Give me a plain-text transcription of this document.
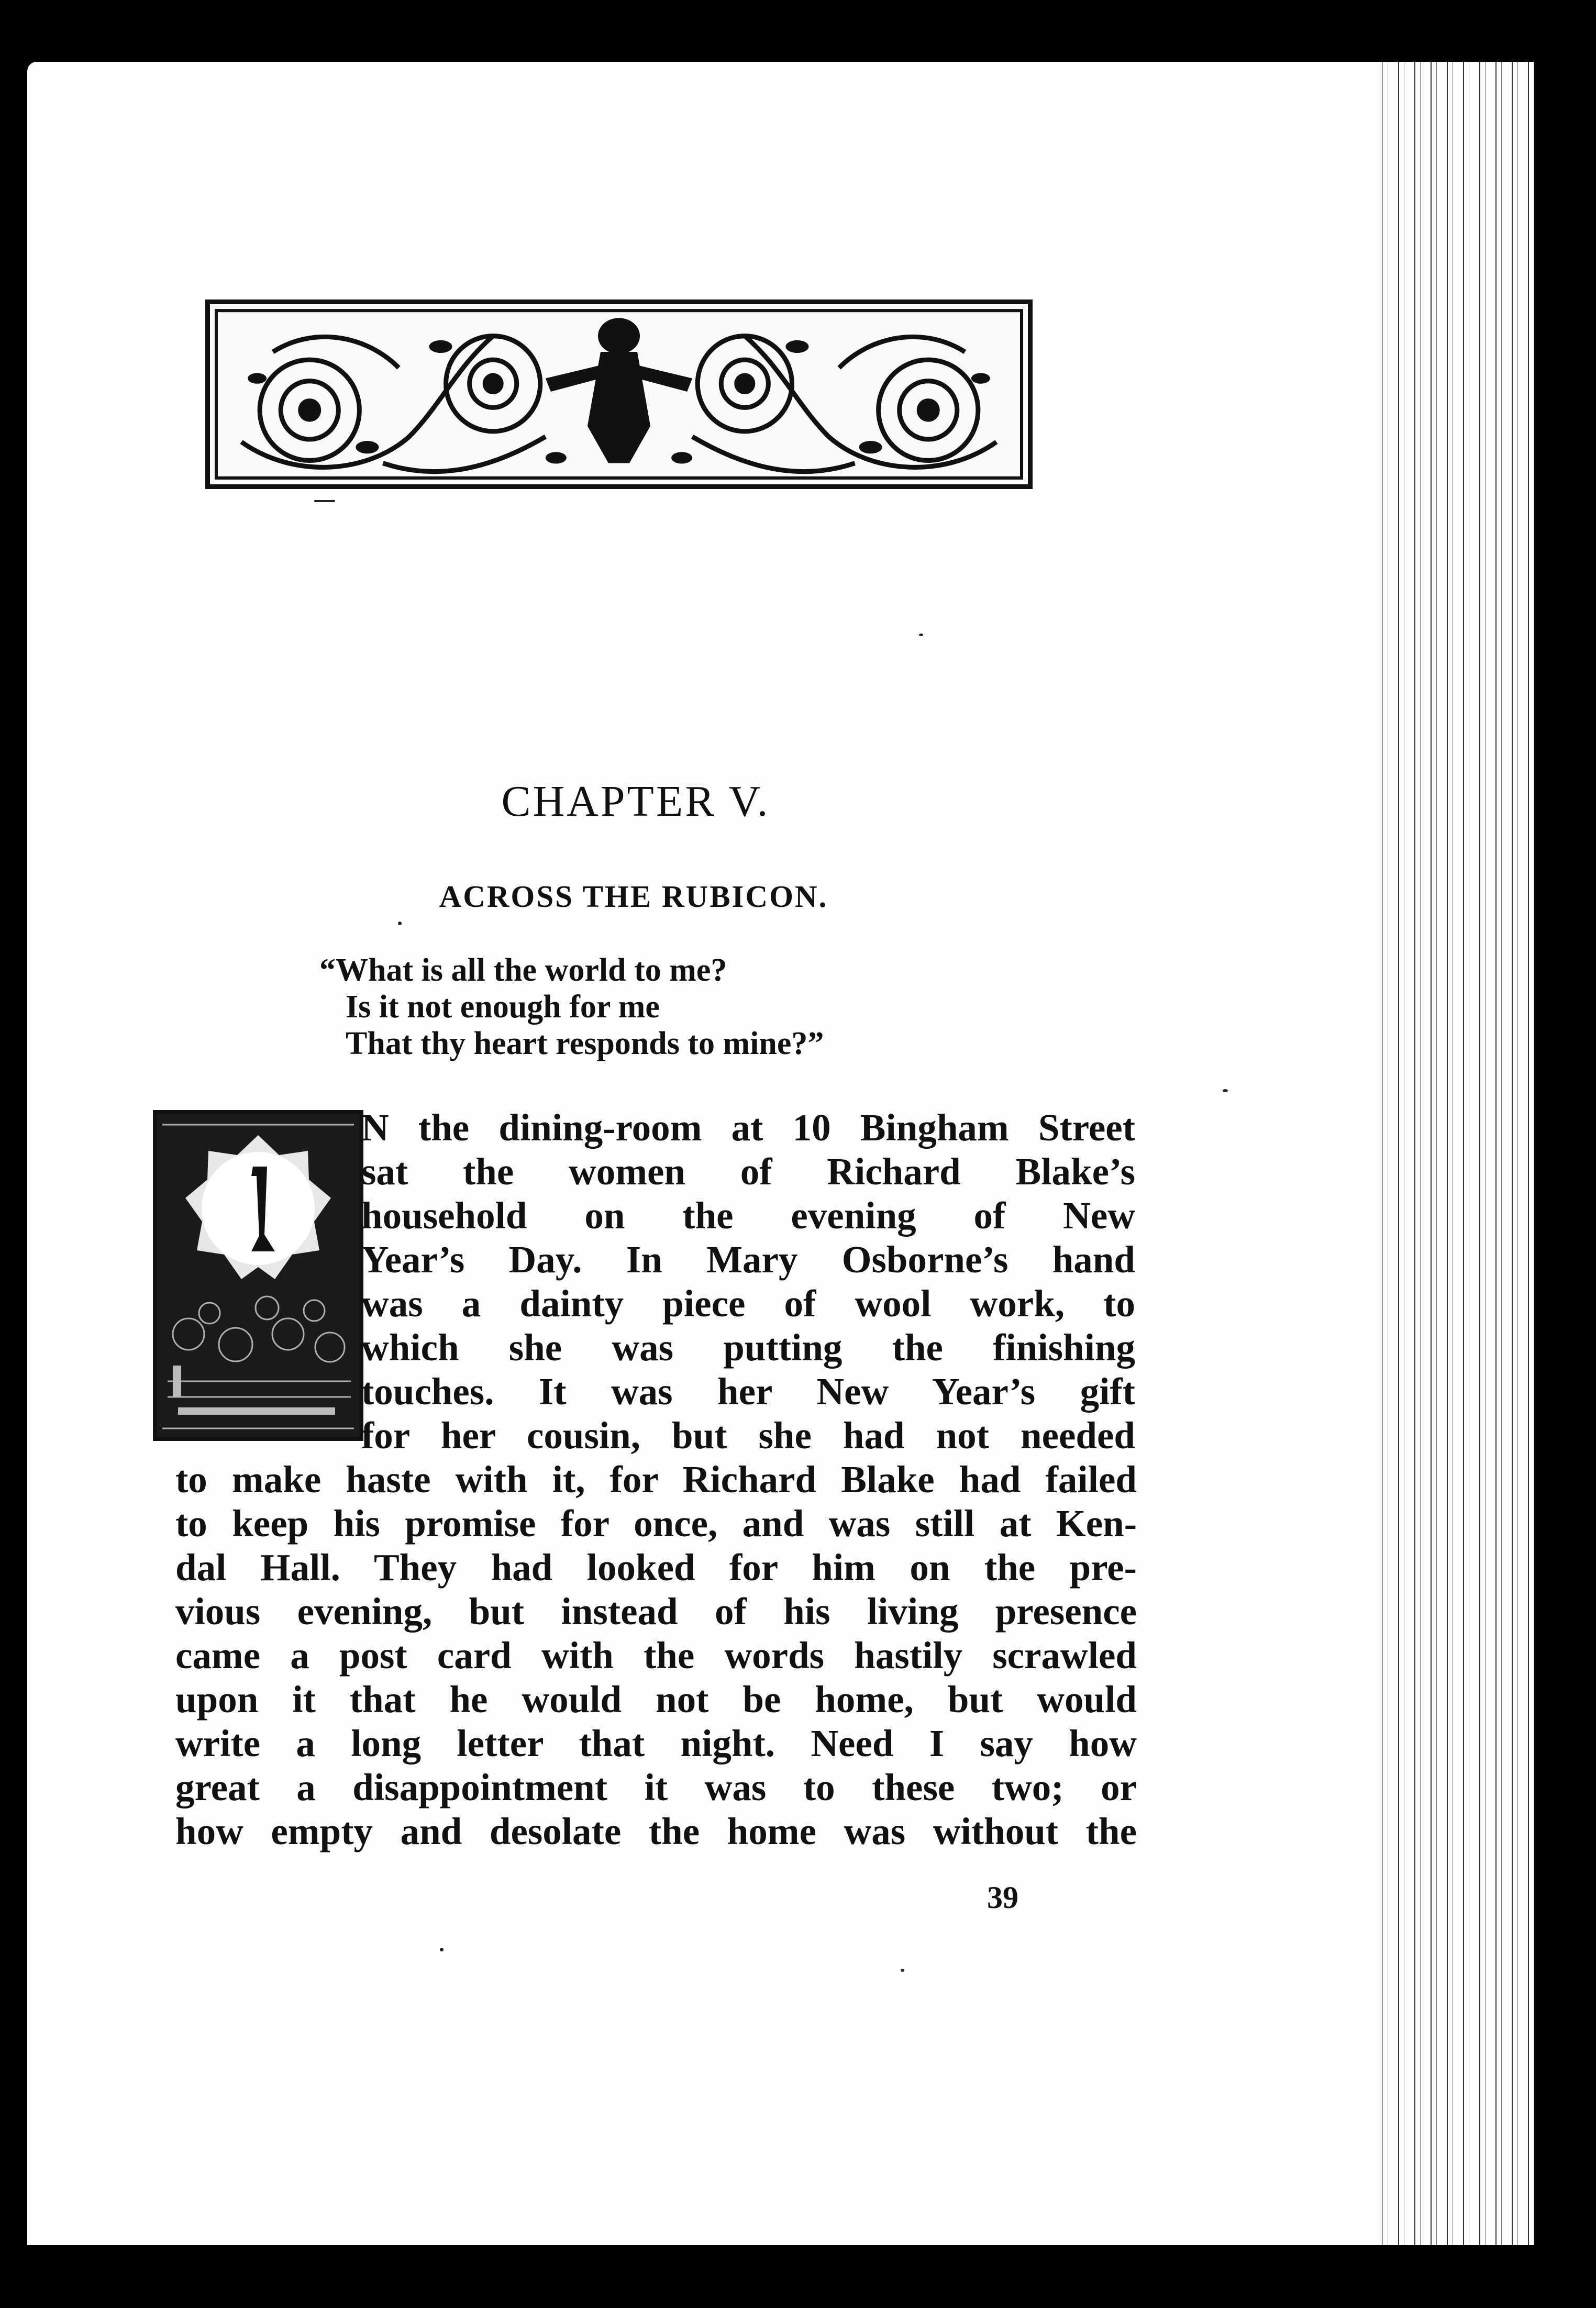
CHAPTER V.
ACROSS THE RUBICON.
“What is all the world to me?
Is it not enough for me
That thy heart responds to mine?”
N the dining-room at 10 Bingham Street
sat the women of Richard Blake’s
household on the evening of New
Year’s Day. In Mary Osborne’s hand
was a dainty piece of wool work, to
which she was putting the finishing
touches. It was her New Year’s gift
for her cousin, but she had not needed
to make haste with it, for Richard Blake had failed
to keep his promise for once, and was still at Ken-
dal Hall. They had looked for him on the pre-
vious evening, but instead of his living presence
came a post card with the words hastily scrawled
upon it that he would not be home, but would
write a long letter that night. Need I say how
great a disappointment it was to these two; or
how empty and desolate the home was without the
39
